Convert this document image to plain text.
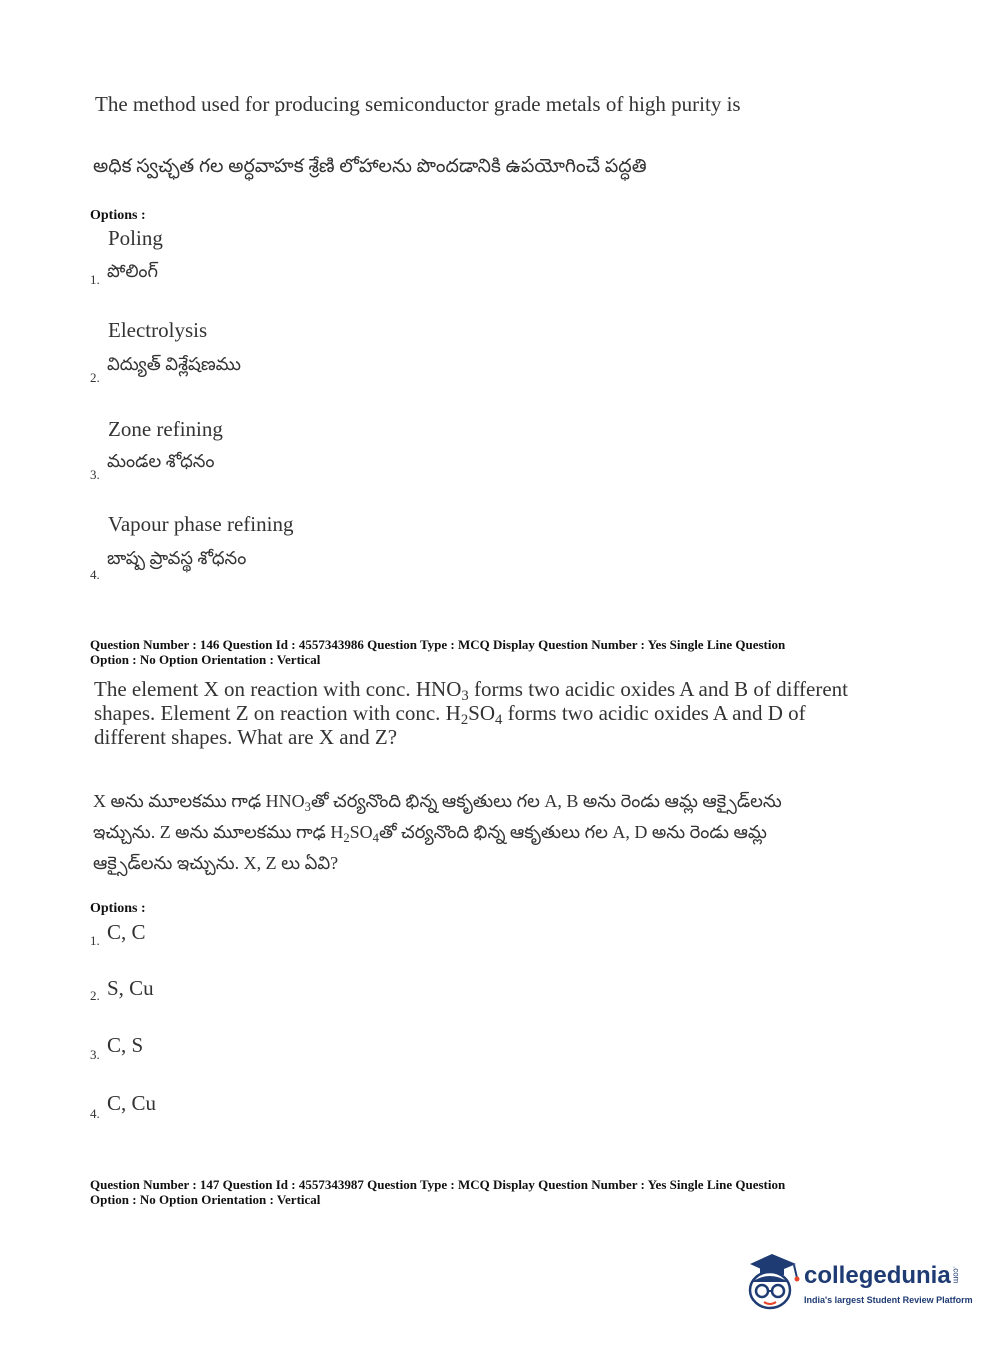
The method used for producing semiconductor grade metals of high purity is
అధిక స్వచ్ఛత గల అర్ధవాహక శ్రేణి లోహాలను పొందడానికి ఉపయోగించే పద్ధతి
Options :
Poling
1. పోలింగ్
Electrolysis
2.
విద్యుత్ విశ్లేషణము
Zone refining
3.
మండల శోధనం
Vapour phase refining
4.
బాష్ప ప్రావస్థ శోధనం
Question Number : 146 Question Id : 4557343986 Question Type : MCQ Display Question Number : Yes Single Line Question
Option : No Option Orientation : Vertical
The element X on reaction with conc. $HNO_3$ forms two acidic oxides A and B of different
shapes. Element Z on reaction with conc. $H_2SO_4$ forms two acidic oxides A and D of
different shapes. What are X and Z?
X అను మూలకము గాఢ $HNO_3తో$ చర్యనొంది భిన్న ఆకృతులు గల A, B అను రెండు ఆమ్ల ఆక్సైడ్‌లను
ఇచ్చును. Z అను మూలకము గాఢ $H_2SO_4తో$ చర్యనొంది భిన్న ఆకృతులు గల A, D అను రెండు ఆమ్ల
ఆక్సైడ్‌లను ఇచ్చును. X, Z లు ఏవి?
Options :
1. C, C
2. S, Cu
3. C, S
4. C, Cu
Question Number : 147 Question Id : 4557343987 Question Type : MCQ Display Question Number : Yes Single Line Question
Option : No Option Orientation : Vertical
collegedunia.com
India's largest Student Review Platform
